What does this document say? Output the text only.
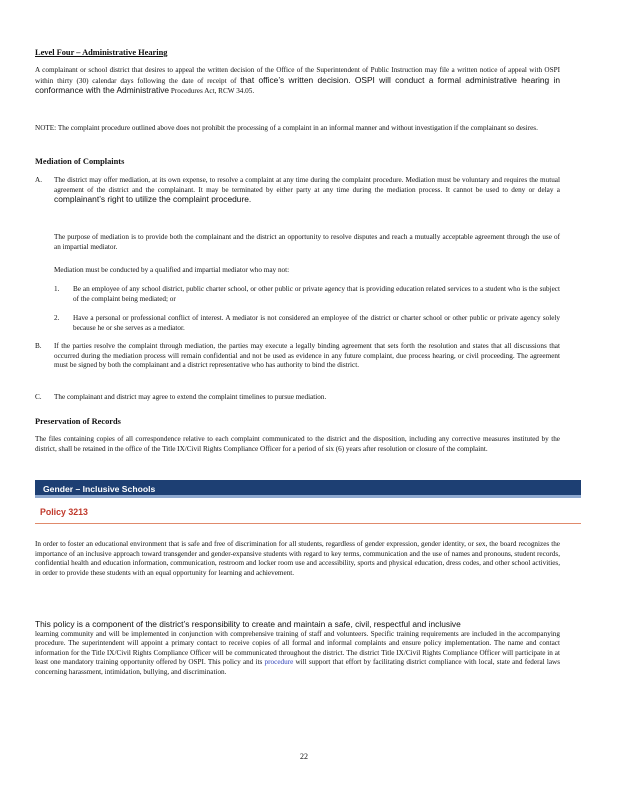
Level Four – Administrative Hearing
A complainant or school district that desires to appeal the written decision of the Office of the Superintendent of Public Instruction may file a written notice of appeal with OSPI within thirty (30) calendar days following the date of receipt of that office’s written decision. OSPI will conduct a formal administrative hearing in conformance with the Administrative Procedures Act, RCW 34.05.
NOTE: The complaint procedure outlined above does not prohibit the processing of a complaint in an informal manner and without investigation if the complainant so desires.
Mediation of Complaints
A. The district may offer mediation, at its own expense, to resolve a complaint at any time during the complaint procedure. Mediation must be voluntary and requires the mutual agreement of the district and the complainant. It may be terminated by either party at any time during the mediation process. It cannot be used to deny or delay a complainant’s right to utilize the complaint procedure.
The purpose of mediation is to provide both the complainant and the district an opportunity to resolve disputes and reach a mutually acceptable agreement through the use of an impartial mediator.
Mediation must be conducted by a qualified and impartial mediator who may not:
1. Be an employee of any school district, public charter school, or other public or private agency that is providing education related services to a student who is the subject of the complaint being mediated; or
2. Have a personal or professional conflict of interest. A mediator is not considered an employee of the district or charter school or other public or private agency solely because he or she serves as a mediator.
B. If the parties resolve the complaint through mediation, the parties may execute a legally binding agreement that sets forth the resolution and states that all discussions that occurred during the mediation process will remain confidential and not be used as evidence in any future complaint, due process hearing, or civil proceeding. The agreement must be signed by both the complainant and a district representative who has authority to bind the district.
C. The complainant and district may agree to extend the complaint timelines to pursue mediation.
Preservation of Records
The files containing copies of all correspondence relative to each complaint communicated to the district and the disposition, including any corrective measures instituted by the district, shall be retained in the office of the Title IX/Civil Rights Compliance Officer for a period of six (6) years after resolution or closure of the complaint.
Gender – Inclusive Schools
Policy 3213
In order to foster an educational environment that is safe and free of discrimination for all students, regardless of gender expression, gender identity, or sex, the board recognizes the importance of an inclusive approach toward transgender and gender-expansive students with regard to key terms, communication and the use of names and pronouns, student records, confidential health and education information, communication, restroom and locker room use and accessibility, sports and physical education, dress codes, and other school activities, in order to provide these students with an equal opportunity for learning and achievement.
This policy is a component of the district’s responsibility to create and maintain a safe, civil, respectful and inclusive
learning community and will be implemented in conjunction with comprehensive training of staff and volunteers. Specific training requirements are included in the accompanying procedure. The superintendent will appoint a primary contact to receive copies of all formal and informal complaints and ensure policy implementation. The name and contact information for the Title IX/Civil Rights Compliance Officer will be communicated throughout the district. The district Title IX/Civil Rights Compliance Officer will participate in at least one mandatory training opportunity offered by OSPI. This policy and its procedure will support that effort by facilitating district compliance with local, state and federal laws concerning harassment, intimidation, bullying, and discrimination.
22
